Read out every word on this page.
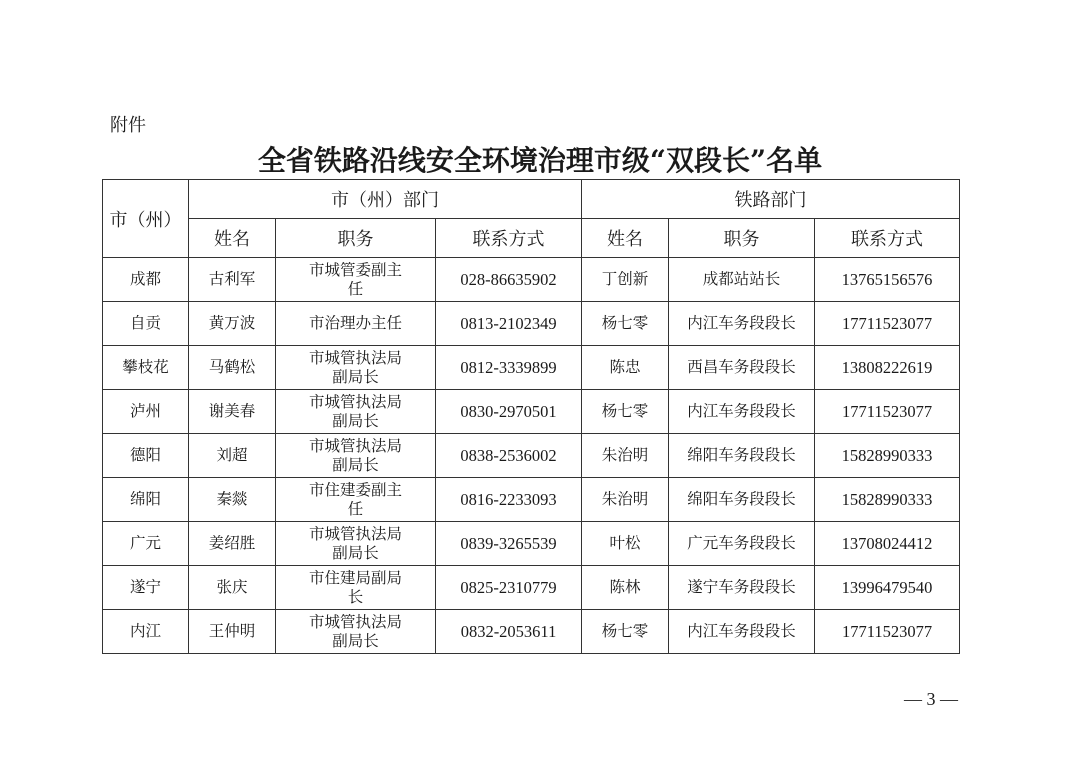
附件
全省铁路沿线安全环境治理市级“双段长”名单
市（州）	市（州）部门			铁路部门		
	姓名	职务	联系方式	姓名	职务	联系方式
成都	古利军	市城管委副主任	028-86635902	丁创新	成都站站长	13765156576
自贡	黄万波	市治理办主任	0813-2102349	杨七零	内江车务段段长	17711523077
攀枝花	马鹤松	市城管执法局副局长	0812-3339899	陈忠	西昌车务段段长	13808222619
泸州	谢美春	市城管执法局副局长	0830-2970501	杨七零	内江车务段段长	17711523077
德阳	刘超	市城管执法局副局长	0838-2536002	朱治明	绵阳车务段段长	15828990333
绵阳	秦燚	市住建委副主任	0816-2233093	朱治明	绵阳车务段段长	15828990333
广元	姜绍胜	市城管执法局副局长	0839-3265539	叶松	广元车务段段长	13708024412
遂宁	张庆	市住建局副局长	0825-2310779	陈林	遂宁车务段段长	13996479540
内江	王仲明	市城管执法局副局长	0832-2053611	杨七零	内江车务段段长	17711523077
— 3 —
